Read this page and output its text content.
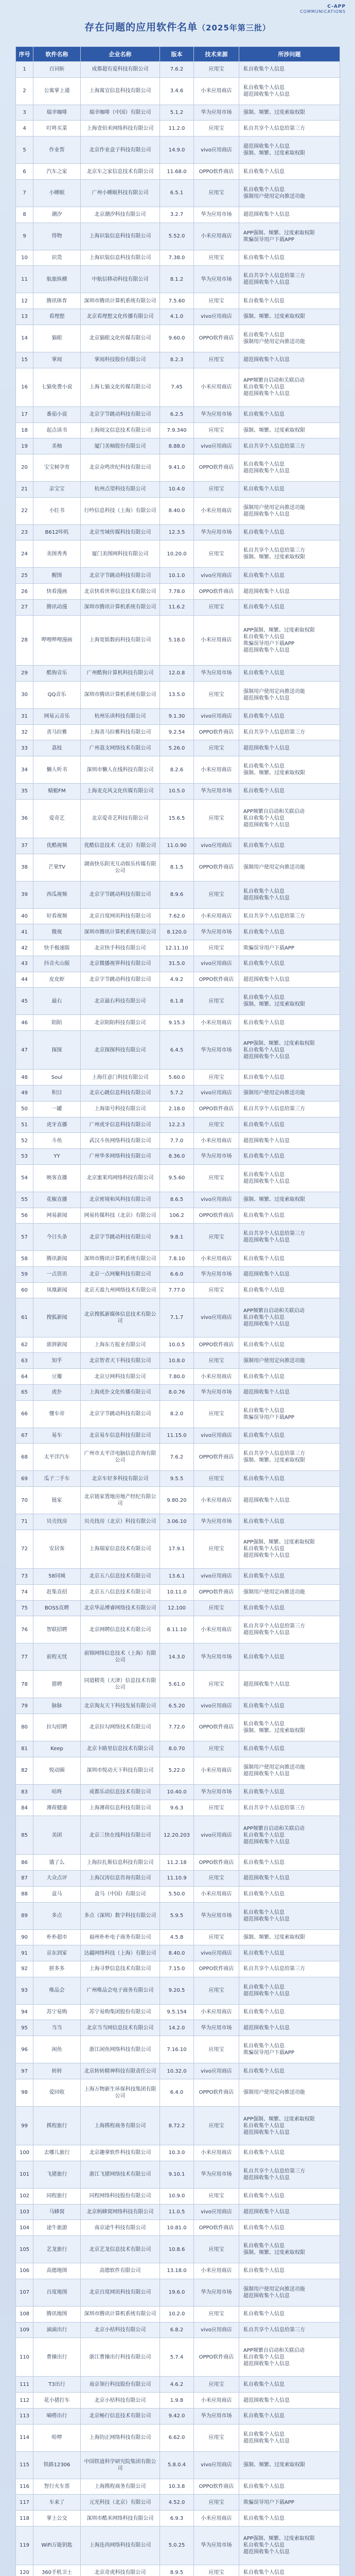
C-APP
COMMUNICATIONS
存在问题的应用软件名单（2025年第三批）
序号	软件名称	企业名称	版本	技术来源	所涉问题
1	百词斩	成都超有爱科技有限公司	7.6.2	应用宝	私自收集个人信息
2	公寓掌上通	上海寓宜信息科技有限公司	3.4.6	小米应用商店	私自收集个人信息
超范围收集个人信息
3	瑞幸咖啡	瑞幸咖啡（中国）有限公司	5.1.2	华为应用市场	强制、频繁、过度索取权限
4	叮咚买菜	上海壹佰米网络科技有限公司	11.2.0	应用宝	私自共享个人信息给第三方
5	作业帮	北京作业盒子科技有限公司	14.9.0	vivo应用商店	超范围收集个人信息
强制、频繁、过度索取权限
6	汽车之家	北京车之家信息技术有限公司	11.68.0	OPPO软件商店	私自收集个人信息
7	小睡眠	广州小睡眠科技有限公司	6.5.1	应用宝	私自收集个人信息
强制用户使用定向推送功能
8	潮汐	北京潮汐科技有限公司	3.2.7	华为应用市场	超范围收集个人信息
9	得物	上海识装信息科技有限公司	5.52.0	小米应用商店	APP强制、频繁、过度索取权限
欺骗误导用户下载APP
10	识货	上海识装信息科技有限公司	7.38.0	应用宝	私自收集个人信息
11	航旅纵横	中航信移动科技有限公司	8.1.2	华为应用市场	私自共享个人信息给第三方
超范围收集个人信息
12	腾讯体育	深圳市腾讯计算机系统有限公司	7.5.60	应用宝	私自收集个人信息
13	看理想	北京看理想文化传播有限公司	4.1.0	vivo应用商店	强制、频繁、过度索取权限
14	猫眼	北京猫眼文化传媒有限公司	9.60.0	OPPO软件商店	私自收集个人信息
强制用户使用定向推送功能
15	掌阅	掌阅科技股份有限公司	8.2.3	应用宝	超范围收集个人信息
16	七猫免费小说	上海七猫文化传媒有限公司	7.45	小米应用商店	APP频繁自启动和关联启动
私自收集个人信息
超范围收集个人信息
17	番茄小说	北京字节跳动科技有限公司	6.2.5	华为应用市场	私自收集个人信息
18	起点读书	上海阅文信息技术有限公司	7.9.340	应用宝	强制、频繁、过度索取权限
19	美柚	厦门美柚股份有限公司	8.88.0	vivo应用商店	私自共享个人信息给第三方
20	宝宝树孕育	北京众鸣世纪科技有限公司	9.41.0	OPPO软件商店	私自收集个人信息
超范围收集个人信息
21	亲宝宝	杭州点望科技有限公司	10.4.0	应用宝	私自收集个人信息
22	小红书	行吟信息科技（上海）有限公司	8.40.0	小米应用商店	强制用户使用定向推送功能
超范围收集个人信息
23	B612咔叽	北京雪域传媒科技有限公司	12.3.5	华为应用市场	私自收集个人信息
24	美图秀秀	厦门美图网科技有限公司	10.20.0	应用宝	私自共享个人信息给第三方
强制、频繁、过度索取权限
25	醒图	北京字节跳动科技有限公司	10.1.0	vivo应用商店	私自收集个人信息
26	快看漫画	北京快看世界信息技术有限公司	7.78.0	OPPO软件商店	超范围收集个人信息
27	腾讯动漫	深圳市腾讯计算机系统有限公司	11.6.2	应用宝	私自收集个人信息
28	哔哩哔哩漫画	上海宽娱数码科技有限公司	5.18.0	小米应用商店	APP强制、频繁、过度索取权限
私自收集个人信息
欺骗误导用户下载APP
超范围收集个人信息
29	酷狗音乐	广州酷狗计算机科技有限公司	12.0.8	华为应用市场	私自收集个人信息
30	QQ音乐	深圳市腾讯计算机系统有限公司	13.5.0	应用宝	强制用户使用定向推送功能
超范围收集个人信息
31	网易云音乐	杭州乐读科技有限公司	9.1.30	vivo应用商店	私自收集个人信息
32	喜马拉雅	上海喜马拉雅科技有限公司	9.2.54	OPPO软件商店	私自共享个人信息给第三方
33	荔枝	广州荔支网络技术有限公司	5.26.0	应用宝	超范围收集个人信息
34	懒人听书	深圳市懒人在线科技有限公司	8.2.6	小米应用商店	私自收集个人信息
强制、频繁、过度索取权限
35	蜻蜓FM	上海麦克风文化传媒有限公司	10.5.0	华为应用市场	私自收集个人信息
36	爱奇艺	北京爱奇艺科技有限公司	15.6.5	应用宝	APP频繁自启动和关联启动
私自收集个人信息
超范围收集个人信息
37	优酷视频	优酷信息技术（北京）有限公司	11.0.90	vivo应用商店	私自收集个人信息
38	芒果TV	湖南快乐阳光互动娱乐传媒有限公司	8.1.5	OPPO软件商店	强制用户使用定向推送功能
39	西瓜视频	北京字节跳动科技有限公司	8.9.6	应用宝	私自收集个人信息
超范围收集个人信息
40	好看视频	北京百度网讯科技有限公司	7.62.0	小米应用商店	私自共享个人信息给第三方
41	微视	深圳市腾讯计算机系统有限公司	8.120.0	华为应用市场	私自收集个人信息
42	快手极速版	北京快手科技有限公司	12.11.10	应用宝	欺骗误导用户下载APP
43	抖音火山版	北京微播视界科技有限公司	31.5.0	vivo应用商店	私自收集个人信息
44	皮皮虾	北京字节跳动科技有限公司	4.9.2	OPPO软件商店	超范围收集个人信息
45	最右	北京最右科技有限公司	6.1.8	应用宝	私自收集个人信息
强制、频繁、过度索取权限
46	陌陌	北京陌陌科技有限公司	9.15.3	小米应用商店	私自收集个人信息
47	探探	北京探探科技有限公司	6.4.5	华为应用市场	APP强制、频繁、过度索取权限
私自收集个人信息
超范围收集个人信息
48	Soul	上海任意门科技有限公司	5.60.0	应用宝	私自收集个人信息
49	积目	北京心跳信息科技有限公司	5.7.2	vivo应用商店	强制用户使用定向推送功能
50	一罐	上海柒号科技有限公司	2.18.0	OPPO软件商店	私自共享个人信息给第三方
51	虎牙直播	广州虎牙信息科技有限公司	12.2.3	应用宝	私自收集个人信息
52	斗鱼	武汉斗鱼网络科技有限公司	7.7.0	小米应用商店	超范围收集个人信息
53	YY	广州华多网络科技有限公司	8.36.0	华为应用市场	私自收集个人信息
54	映客直播	北京蜜莱坞网络科技有限公司	9.5.60	应用宝	私自收集个人信息
超范围收集个人信息
55	花椒直播	北京密境和风科技有限公司	8.6.5	vivo应用商店	强制、频繁、过度索取权限
56	网易新闻	网易传媒科技（北京）有限公司	106.2	OPPO软件商店	私自收集个人信息
57	今日头条	北京字节跳动科技有限公司	9.8.1	应用宝	私自共享个人信息给第三方
超范围收集个人信息
58	腾讯新闻	深圳市腾讯计算机系统有限公司	7.8.10	小米应用商店	私自收集个人信息
59	一点资讯	北京一点网聚科技有限公司	6.6.0	华为应用市场	超范围收集个人信息
60	凤凰新闻	北京天盈九州网络技术有限公司	7.77.0	应用宝	私自收集个人信息
61	搜狐新闻	北京搜狐新媒体信息技术有限公司	7.1.7	vivo应用商店	APP频繁自启动和关联启动
私自收集个人信息
超范围收集个人信息
62	澎湃新闻	上海东方报业有限公司	10.0.5	OPPO软件商店	私自收集个人信息
63	知乎	北京智者天下科技有限公司	10.8.0	应用宝	强制用户使用定向推送功能
64	豆瓣	北京豆网科技有限公司	7.80.0	小米应用商店	私自收集个人信息
65	虎扑	上海虎扑文化传播有限公司	8.0.76	华为应用市场	超范围收集个人信息
66	懂车帝	北京字节跳动科技有限公司	8.2.0	应用宝	私自收集个人信息
欺骗误导用户下载APP
67	易车	北京易车信息科技有限公司	11.15.0	vivo应用商店	私自收集个人信息
68	太平洋汽车	广州市太平洋电脑信息咨询有限公司	7.6.2	OPPO软件商店	私自共享个人信息给第三方
强制、频繁、过度索取权限
69	瓜子二手车	北京车好多科技有限公司	9.5.5	应用宝	私自收集个人信息
70	链家	北京链家置地房地产经纪有限公司	9.80.20	小米应用商店	超范围收集个人信息
71	贝壳找房	贝壳找房（北京）科技有限公司	3.06.10	华为应用市场	私自收集个人信息
72	安居客	上海瑞家信息技术有限公司	17.9.1	应用宝	APP强制、频繁、过度索取权限
私自收集个人信息
超范围收集个人信息
73	58同城	北京五八信息技术有限公司	13.6.1	vivo应用商店	私自收集个人信息
74	赶集直招	北京五八信息技术有限公司	10.11.0	OPPO软件商店	强制用户使用定向推送功能
75	BOSS直聘	北京华品博睿网络技术有限公司	12.100	应用宝	私自收集个人信息
76	智联招聘	北京网聘信息技术有限公司	8.11.10	小米应用商店	私自共享个人信息给第三方
超范围收集个人信息
77	前程无忧	前锦网络信息技术（上海）有限公司	14.3.0	华为应用市场	私自收集个人信息
78	猎聘	同道精英（天津）信息技术有限公司	5.61.0	应用宝	超范围收集个人信息
79	脉脉	北京淘友天下科技发展有限公司	6.5.20	vivo应用商店	私自收集个人信息
80	拉勾招聘	北京拉勾网络技术有限公司	7.72.0	OPPO软件商店	私自收集个人信息
强制、频繁、过度索取权限
81	Keep	北京卡路里信息技术有限公司	8.0.70	应用宝	私自收集个人信息
82	悦动圈	深圳市悦动天下科技有限公司	5.22.0	小米应用商店	强制用户使用定向推送功能
超范围收集个人信息
83	咕咚	成都乐动信息技术有限公司	10.40.0	华为应用市场	私自收集个人信息
84	薄荷健康	上海薄荷信息科技有限公司	9.6.3	应用宝	私自共享个人信息给第三方
85	美团	北京三快在线科技有限公司	12.20.203	vivo应用商店	APP频繁自启动和关联启动
私自收集个人信息
超范围收集个人信息
86	饿了么	上海拉扎斯信息科技有限公司	11.2.18	OPPO软件商店	私自收集个人信息
87	大众点评	上海汉涛信息咨询有限公司	11.10.9	应用宝	超范围收集个人信息
88	盒马	盒马（中国）有限公司	5.50.0	小米应用商店	私自收集个人信息
89	多点	多点（深圳）数字科技有限公司	5.9.5	华为应用市场	私自收集个人信息
超范围收集个人信息
90	朴朴超市	福州朴朴电子商务有限公司	4.5.8	应用宝	强制、频繁、过度索取权限
91	京东到家	达疆网络科技（上海）有限公司	8.40.0	vivo应用商店	私自收集个人信息
92	拼多多	上海寻梦信息技术有限公司	7.15.0	OPPO软件商店	私自共享个人信息给第三方
93	唯品会	广州唯品会电子商务有限公司	9.20.5	应用宝	私自收集个人信息
超范围收集个人信息
94	苏宁易购	苏宁易购集团股份有限公司	9.5.154	小米应用商店	私自收集个人信息
95	当当	北京当当网信息技术有限公司	14.2.0	华为应用市场	超范围收集个人信息
96	闲鱼	浙江闲鱼网络科技有限公司	7.16.10	应用宝	私自收集个人信息
欺骗误导用户下载APP
97	转转	北京转转精神科技有限责任公司	10.32.0	vivo应用商店	私自收集个人信息
98	爱回收	上海万物新生环保科技集团有限公司	6.4.0	OPPO软件商店	强制用户使用定向推送功能
99	携程旅行	上海携程商务有限公司	8.72.2	应用宝	APP强制、频繁、过度索取权限
私自收集个人信息
超范围收集个人信息
100	去哪儿旅行	北京趣拿软件科技有限公司	10.3.0	小米应用商店	私自收集个人信息
101	飞猪旅行	浙江飞猪网络技术有限公司	9.10.1	华为应用市场	私自共享个人信息给第三方
超范围收集个人信息
102	同程旅行	同程网络科技股份有限公司	10.9.0	应用宝	私自收集个人信息
103	马蜂窝	北京蚂蜂窝网络科技有限公司	11.0.5	vivo应用商店	超范围收集个人信息
104	途牛旅游	南京途牛科技有限公司	10.81.0	OPPO软件商店	私自收集个人信息
105	艺龙旅行	北京艺龙信息技术有限公司	10.8.6	应用宝	私自收集个人信息
强制、频繁、过度索取权限
106	高德地图	高德软件有限公司	13.18.0	小米应用商店	私自收集个人信息
107	百度地图	北京百度网讯科技有限公司	19.6.0	华为应用市场	强制用户使用定向推送功能
超范围收集个人信息
108	腾讯地图	深圳市腾讯计算机系统有限公司	10.2.0	应用宝	私自收集个人信息
109	滴滴出行	北京小桔科技有限公司	6.8.2	vivo应用商店	私自共享个人信息给第三方
110	曹操出行	浙江曹操出行科技有限公司	5.7.4	OPPO软件商店	APP频繁自启动和关联启动
私自收集个人信息
超范围收集个人信息
111	T3出行	南京领行科技股份有限公司	4.6.2	应用宝	私自收集个人信息
112	花小猪打车	北京小桔科技有限公司	1.9.8	小米应用商店	超范围收集个人信息
113	嘀嗒出行	北京畅行信息技术有限公司	9.42.0	华为应用市场	私自收集个人信息
114	哈啰	上海钧正网络科技有限公司	6.62.0	应用宝	私自收集个人信息
超范围收集个人信息
115	铁路12306	中国铁道科学研究院集团有限公司	5.8.0.4	vivo应用商店	强制、频繁、过度索取权限
116	智行火车票	上海携程商务有限公司	10.3.8	OPPO软件商店	私自收集个人信息
117	车来了	元光科技（北京）有限公司	4.52.0	应用宝	欺骗误导用户下载APP
118	掌上公交	深圳市酷米网络科技有限公司	6.9.3	小米应用商店	私自收集个人信息
119	WiFi万能钥匙	上海连尚网络科技有限公司	5.0.25	华为应用市场	APP强制、频繁、过度索取权限
私自收集个人信息
超范围收集个人信息
120	360手机卫士	北京奇虎科技有限公司	8.9.5	应用宝	私自收集个人信息
